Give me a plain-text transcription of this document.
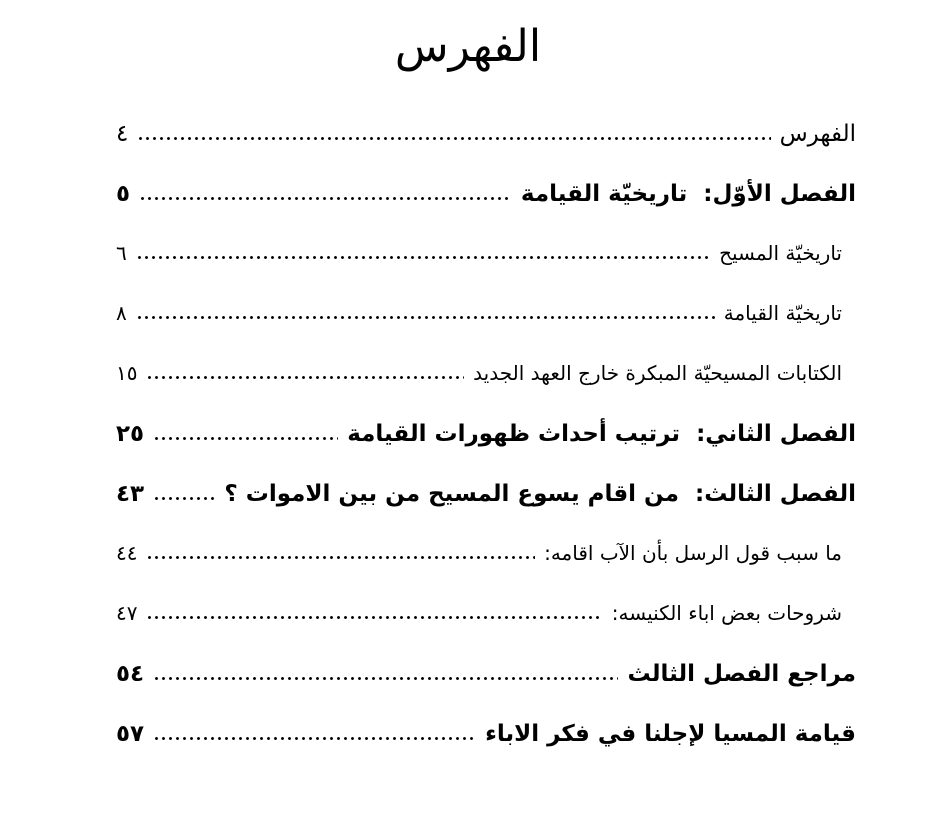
الفهرس
الفهرس
٤
الفصل الأوّل:  تاريخيّة القيامة
٥
تاريخيّة المسيح
٦
تاريخيّة القيامة
٨
الكتابات المسيحيّة المبكرة خارج العهد الجديد
١٥
الفصل الثاني:  ترتيب أحداث ظهورات القيامة
٢٥
الفصل الثالث:  من اقام يسوع المسيح من بين الاموات ؟
٤٣
ما سبب قول الرسل بأن الآب اقامه:
٤٤
شروحات بعض اباء الكنيسه:
٤٧
مراجع الفصل الثالث
٥٤
قيامة المسيا لإجلنا في فكر الاباء
٥٧
